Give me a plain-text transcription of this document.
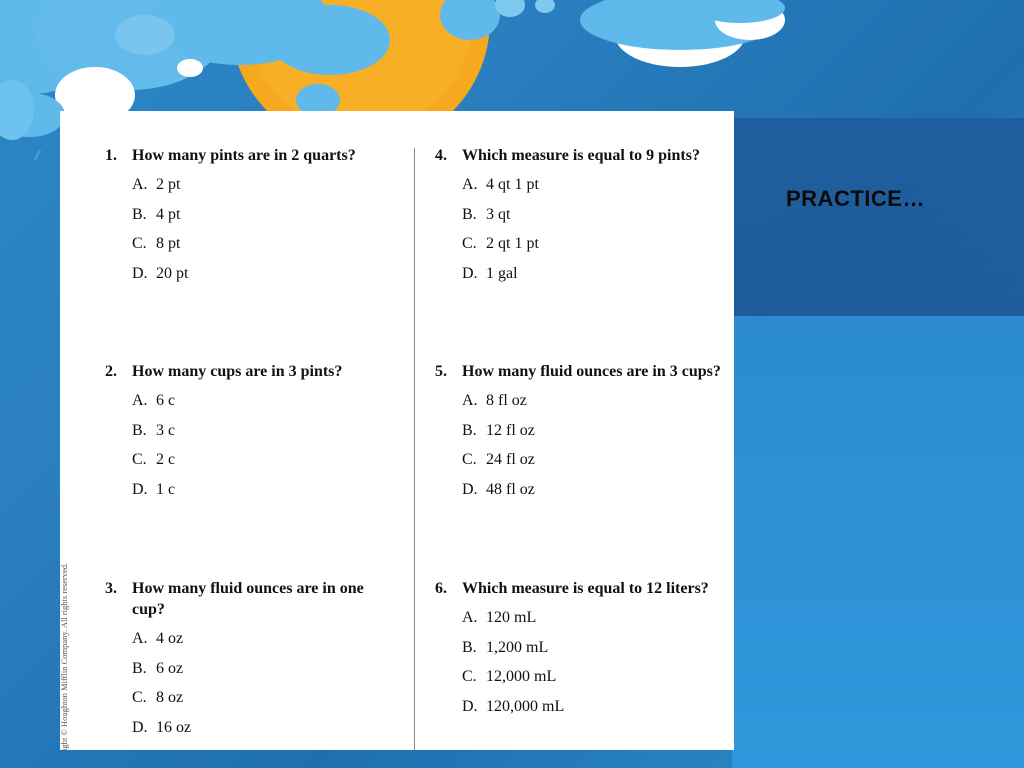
PRACTICE…
1. How many pints are in 2 quarts?
A. 2 pt
B. 4 pt
C. 8 pt
D. 20 pt
2. How many cups are in 3 pints?
A. 6 c
B. 3 c
C. 2 c
D. 1 c
3. How many fluid ounces are in one cup?
A. 4 oz
B. 6 oz
C. 8 oz
D. 16 oz
4. Which measure is equal to 9 pints?
A. 4 qt 1 pt
B. 3 qt
C. 2 qt 1 pt
D. 1 gal
5. How many fluid ounces are in 3 cups?
A. 8 fl oz
B. 12 fl oz
C. 24 fl oz
D. 48 fl oz
6. Which measure is equal to 12 liters?
A. 120 mL
B. 1,200 mL
C. 12,000 mL
D. 120,000 mL
ight © Houghton Mifflin Company. All rights reserved.
